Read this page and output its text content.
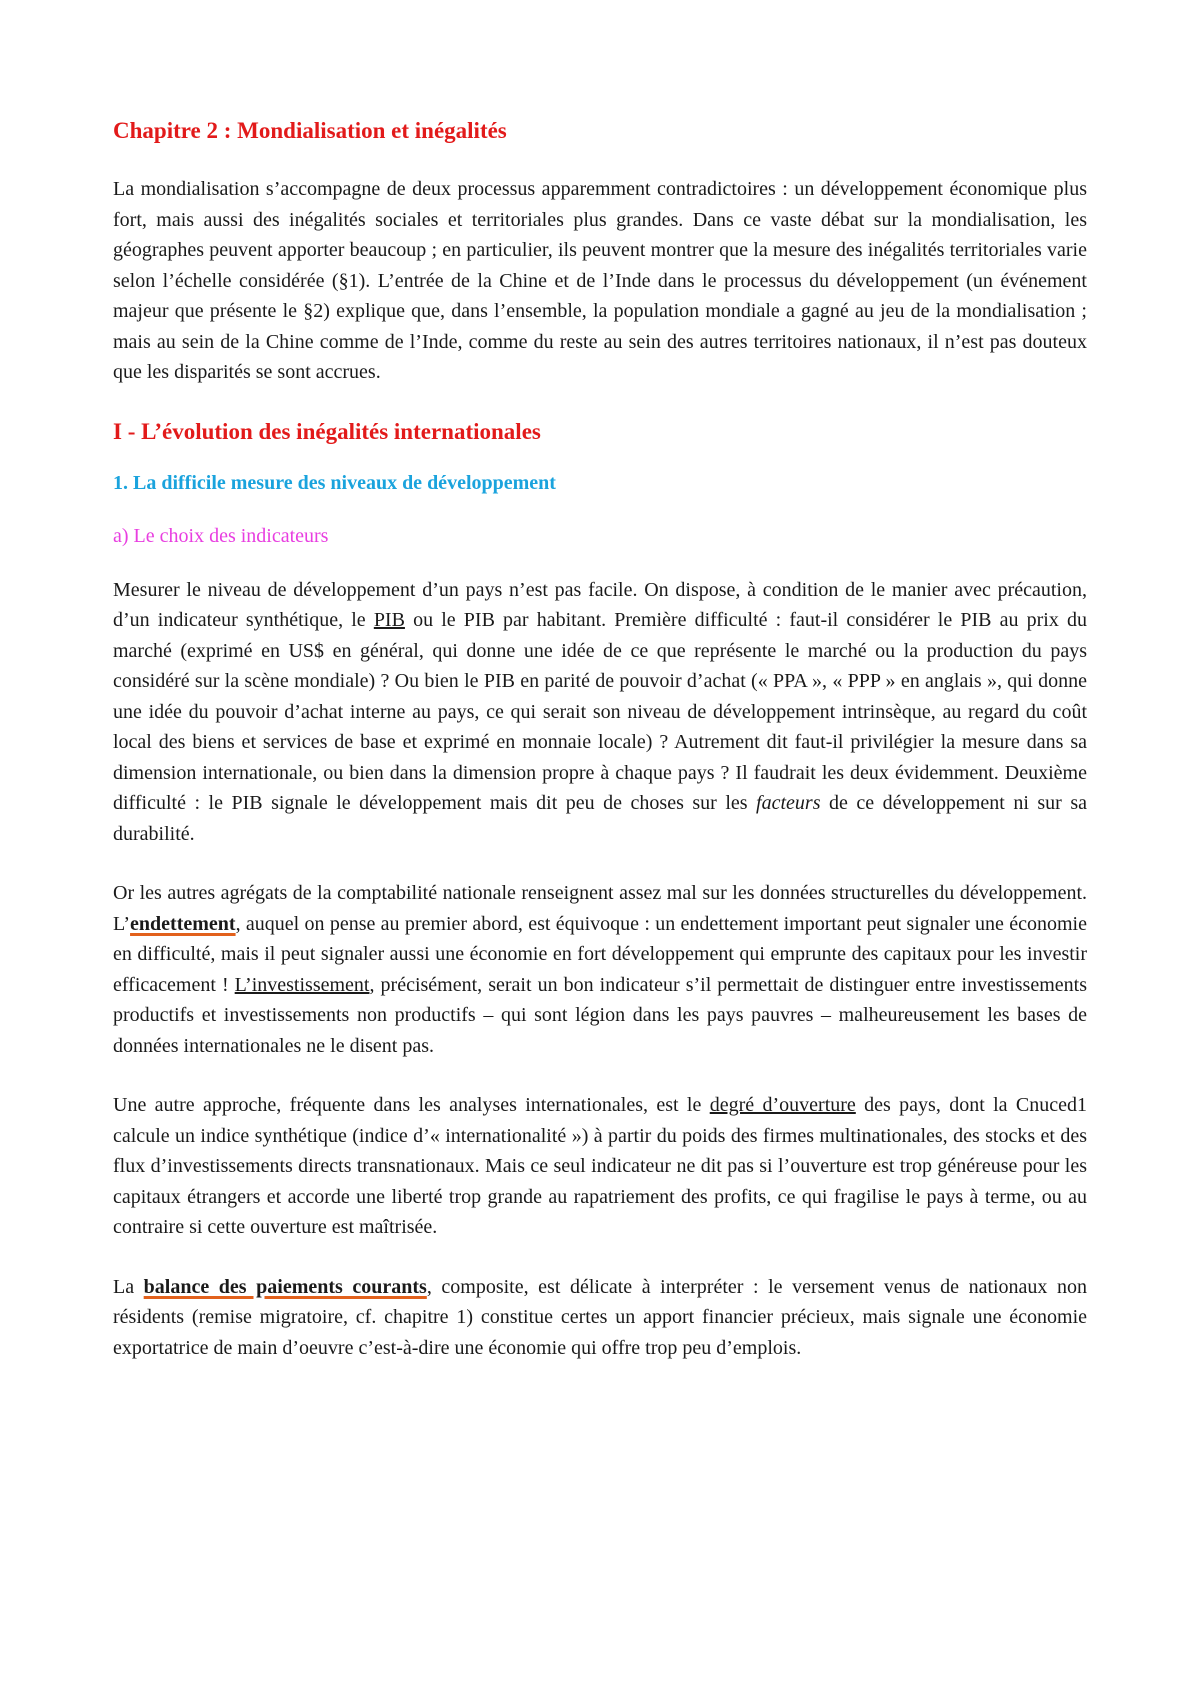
Chapitre 2 : Mondialisation et inégalités

La mondialisation s’accompagne de deux processus apparemment contradictoires : un développement économique plus fort, mais aussi des inégalités sociales et territoriales plus grandes. Dans ce vaste débat sur la mondialisation, les géographes peuvent apporter beaucoup ; en particulier, ils peuvent montrer que la mesure des inégalités territoriales varie selon l’échelle considérée (§1). L’entrée de la Chine et de l’Inde dans le processus du développement (un événement majeur que présente le §2) explique que, dans l’ensemble, la population mondiale a gagné au jeu de la mondialisation ; mais au sein de la Chine comme de l’Inde, comme du reste au sein des autres territoires nationaux, il n’est pas douteux que les disparités se sont accrues.

I - L’évolution des inégalités internationales
1. La difficile mesure des niveaux de développement
a) Le choix des indicateurs

Mesurer le niveau de développement d’un pays n’est pas facile. On dispose, à condition de le manier avec précaution, d’un indicateur synthétique, le PIB ou le PIB par habitant. Première difficulté : faut-il considérer le PIB au prix du marché (exprimé en US$ en général, qui donne une idée de ce que représente le marché ou la production du pays considéré sur la scène mondiale) ? Ou bien le PIB en parité de pouvoir d’achat (« PPA », « PPP » en anglais », qui donne une idée du pouvoir d’achat interne au pays, ce qui serait son niveau de développement intrinsèque, au regard du coût local des biens et services de base et exprimé en monnaie locale) ? Autrement dit faut-il privilégier la mesure dans sa dimension internationale, ou bien dans la dimension propre à chaque pays ? Il faudrait les deux évidemment. Deuxième difficulté : le PIB signale le développement mais dit peu de choses sur les facteurs de ce développement ni sur sa durabilité.

Or les autres agrégats de la comptabilité nationale renseignent assez mal sur les données structurelles du développement. L’endettement, auquel on pense au premier abord, est équivoque : un endettement important peut signaler une économie en difficulté, mais il peut signaler aussi une économie en fort développement qui emprunte des capitaux pour les investir efficacement ! L’investissement, précisément, serait un bon indicateur s’il permettait de distinguer entre investissements productifs et investissements non productifs – qui sont légion dans les pays pauvres – malheureusement les bases de données internationales ne le disent pas.

Une autre approche, fréquente dans les analyses internationales, est le degré d’ouverture des pays, dont la Cnuced1 calcule un indice synthétique (indice d’« internationalité ») à partir du poids des firmes multinationales, des stocks et des flux d’investissements directs transnationaux. Mais ce seul indicateur ne dit pas si l’ouverture est trop généreuse pour les capitaux étrangers et accorde une liberté trop grande au rapatriement des profits, ce qui fragilise le pays à terme, ou au contraire si cette ouverture est maîtrisée.

La balance des paiements courants, composite, est délicate à interpréter : le versement venus de nationaux non résidents (remise migratoire, cf. chapitre 1) constitue certes un apport financier précieux, mais signale une économie exportatrice de main d’oeuvre c’est-à-dire une économie qui offre trop peu d’emplois.
